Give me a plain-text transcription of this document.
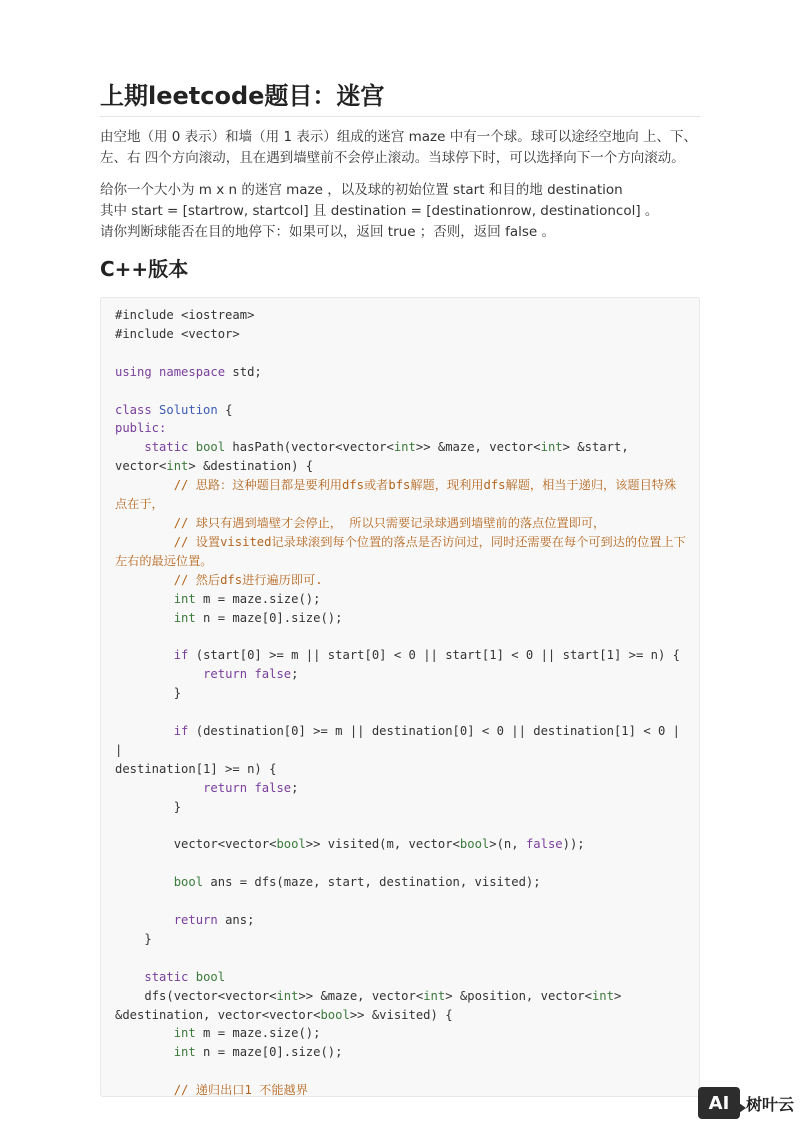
上期leetcode题目：迷宫

由空地（用 0 表示）和墙（用 1 表示）组成的迷宫 maze 中有一个球。球可以途经空地向 上、下、左、右 四个方向滚动，且在遇到墙壁前不会停止滚动。当球停下时，可以选择向下一个方向滚动。

给你一个大小为 m x n 的迷宫 maze ，以及球的初始位置 start 和目的地 destination
其中 start = [startrow, startcol] 且 destination = [destinationrow, destinationcol] 。
请你判断球能否在目的地停下：如果可以，返回 true ；否则，返回 false 。
C++版本
#include <iostream>
#include <vector>

using namespace std;

class Solution {
public:
static bool hasPath(vector<vector<int>> &maze, vector<int> &start,
vector<int> &destination) {
// 思路：这种题目都是要利用dfs或者bfs解题，现利用dfs解题，相当于递归，该题目特殊点在于，
// 球只有遇到墙壁才会停止， 所以只需要记录球遇到墙壁前的落点位置即可，
// 设置visited记录球滚到每个位置的落点是否访问过，同时还需要在每个可到达的位置上下左右的最远位置。
// 然后dfs进行遍历即可.
int m = maze.size();
int n = maze[0].size();

if (start[0] >= m || start[0] < 0 || start[1] < 0 || start[1] >= n) {
return false;
}

if (destination[0] >= m || destination[0] < 0 || destination[1] < 0 ||
destination[1] >= n) {
return false;
}

vector<vector<bool>> visited(m, vector<bool>(n, false));

bool ans = dfs(maze, start, destination, visited);

return ans;
}

static bool
dfs(vector<vector<int>> &maze, vector<int> &position, vector<int>
&destination, vector<vector<bool>> &visited) {
int m = maze.size();
int n = maze[0].size();

// 递归出口1 不能越界
AI	树叶云
